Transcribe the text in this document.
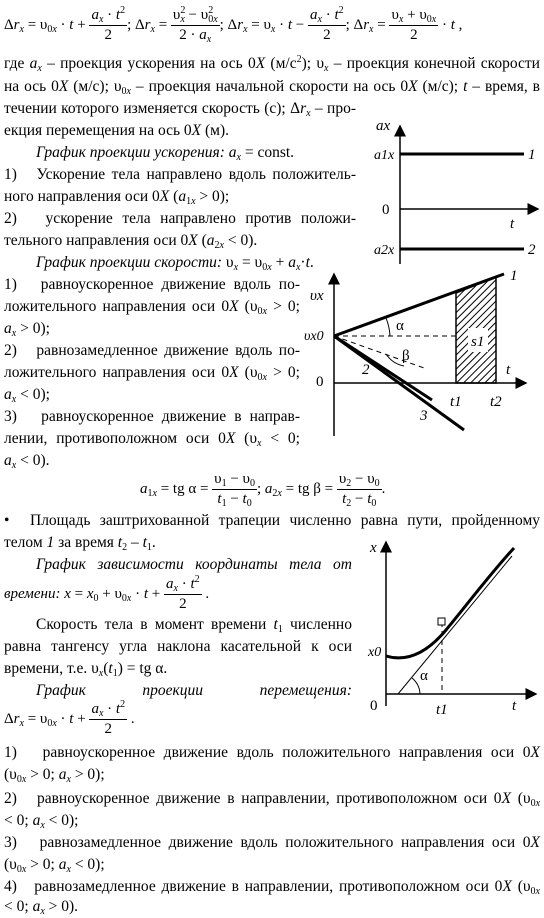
$\Delta r_x = \upsilon_{0x} \cdot t + \frac{a_x \cdot t^2}{2}$ ; $\Delta r_x = \frac{\upsilon^2_x - \upsilon^2_{0x}}{2 \cdot a_x}$ ; $\Delta r_x = \upsilon_x \cdot t - \frac{a_x \cdot t^2}{2}$ ; $\Delta r_x = \frac{\upsilon_x + \upsilon_{0x}}{2} \cdot t$ ,
где $a_x$ – проекция ускорения на ось 0X $(м/с^2)$; $\upsilon_x$ – проекция конечной скорости
на ось 0X (м/с); $\upsilon_{0x}$ – проекция начальной скорости на ось 0X (м/с); t – время, в
течении которого изменяется скорость (с); $\Delta r_x - про-$
екция перемещения на ось 0X (м).
График проекции ускорения: $a_x$ = const.
1)   Ускорение тела направлено вдоль положитель-
ного направления оси 0X $(a_{1x} > 0)$;
2)   ускорение тела направлено против положи-
тельного направления оси 0X $(a_{2x} < 0)$.
График проекции скорости: $\upsilon_x = \upsilon_{0x} + a_x\cdot t$.
1)   равноускоренное движение вдоль по-
ложительного направления оси 0X ($\upsilon_{0x} > 0$;
$a_x > 0$);
2)   равнозамедленное движение вдоль по-
ложительного направления оси 0X ($\upsilon_{0x} > 0$;
$a_x < 0$);
3)   равноускоренное движение в направ-
лении, противоположном оси 0X ($\upsilon_x < 0$;
$a_x < 0$).
$a_{1x}$ = tg $\alpha = \frac{\upsilon_1 - \upsilon_0}{t_1 - t_0}$ ; $a_{2x}$ = tg $\beta = \frac{\upsilon_2 - \upsilon_0}{t_2 - t_0}$ .
• Площадь заштрихованной трапеции численно равна пути, пройденному
телом 1 за время $t_2 - t_1$.
График зависимости координаты тела от
времени: $x = x_0 + \upsilon_{0x} \cdot t + \frac{a_x \cdot t^2}{2}$ .
Скорость тела в момент времени $t_1$ численно
равна тангенсу угла наклона касательной к оси
времени, т.е. $\upsilon_x(t_1)$ = tg α.
График     проекции     перемещения:
$\Delta r_x = \upsilon_{0x} \cdot t + \frac{a_x \cdot t^2}{2}$ .
1)   равноускоренное движение вдоль положительного направления оси 0X
($\upsilon_{0x} > 0$; $a_x > 0$);
2)   равноускоренное движение в направлении, противоположном оси 0X ($\upsilon_{0x}$
< 0; $a_x < 0$);
3)   равнозамедленное движение вдоль положительного направления оси 0X
($\upsilon_{0x} > 0$; $a_x < 0$);
4)   равнозамедленное движение в направлении, противоположном оси 0X ($\upsilon_{0x}$
< 0; $a_x > 0$).
ax
a1x
0
a2x
t
1
2
υx
υx0
0
α
β
s1
t
t1 t2
1
2
3
x
x0
0
α
t1	t
